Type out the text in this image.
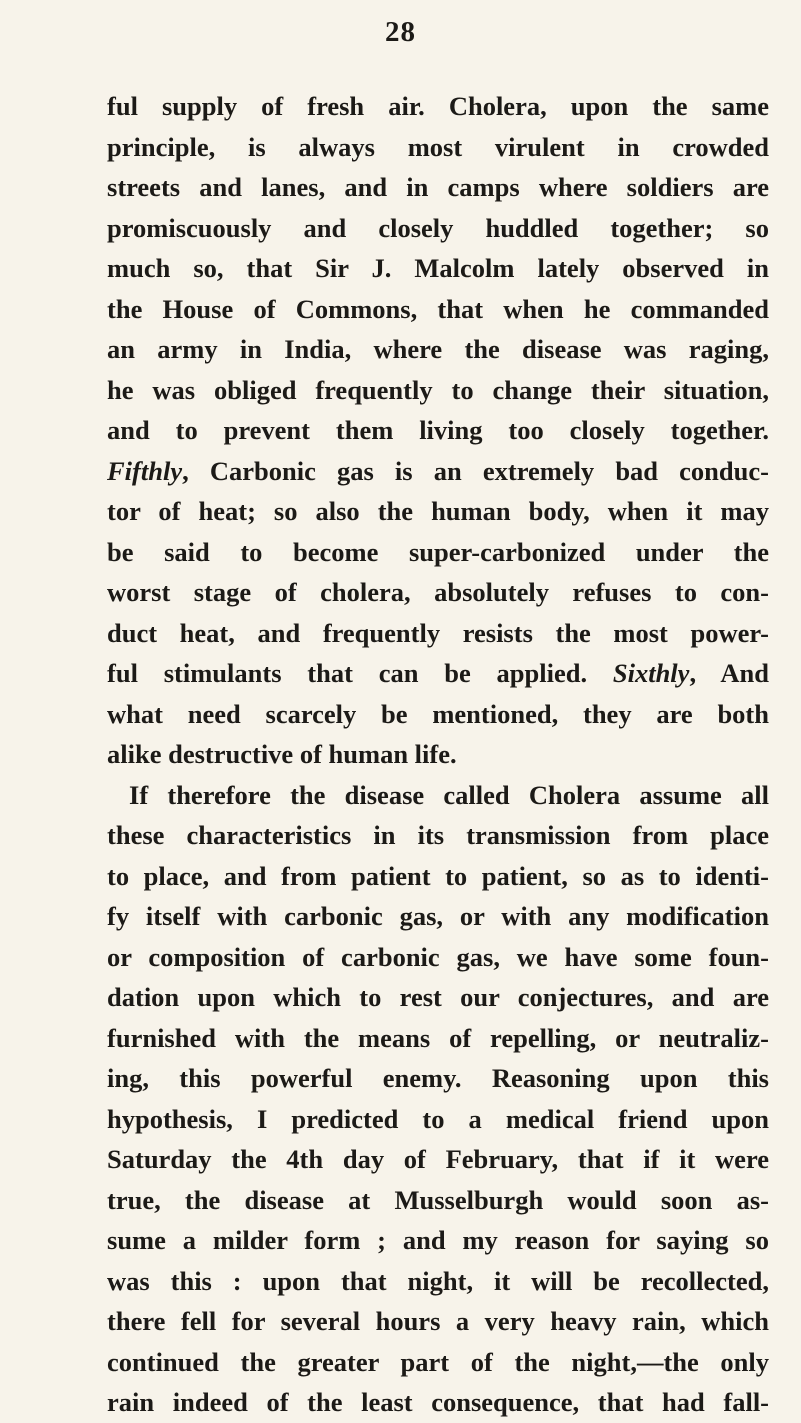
28
ful supply of fresh air. Cholera, upon the same
principle, is always most virulent in crowded
streets and lanes, and in camps where soldiers are
promiscuously and closely huddled together; so
much so, that Sir J. Malcolm lately observed in
the House of Commons, that when he commanded
an army in India, where the disease was raging,
he was obliged frequently to change their situation,
and to prevent them living too closely together.
Fifthly, Carbonic gas is an extremely bad conduc-
tor of heat; so also the human body, when it may
be said to become super-carbonized under the
worst stage of cholera, absolutely refuses to con-
duct heat, and frequently resists the most power-
ful stimulants that can be applied. Sixthly, And
what need scarcely be mentioned, they are both
alike destructive of human life.
If therefore the disease called Cholera assume all
these characteristics in its transmission from place
to place, and from patient to patient, so as to identi-
fy itself with carbonic gas, or with any modification
or composition of carbonic gas, we have some foun-
dation upon which to rest our conjectures, and are
furnished with the means of repelling, or neutraliz-
ing, this powerful enemy. Reasoning upon this
hypothesis, I predicted to a medical friend upon
Saturday the 4th day of February, that if it were
true, the disease at Musselburgh would soon as-
sume a milder form ; and my reason for saying so
was this : upon that night, it will be recollected,
there fell for several hours a very heavy rain, which
continued the greater part of the night,—the only
rain indeed of the least consequence, that had fall-
